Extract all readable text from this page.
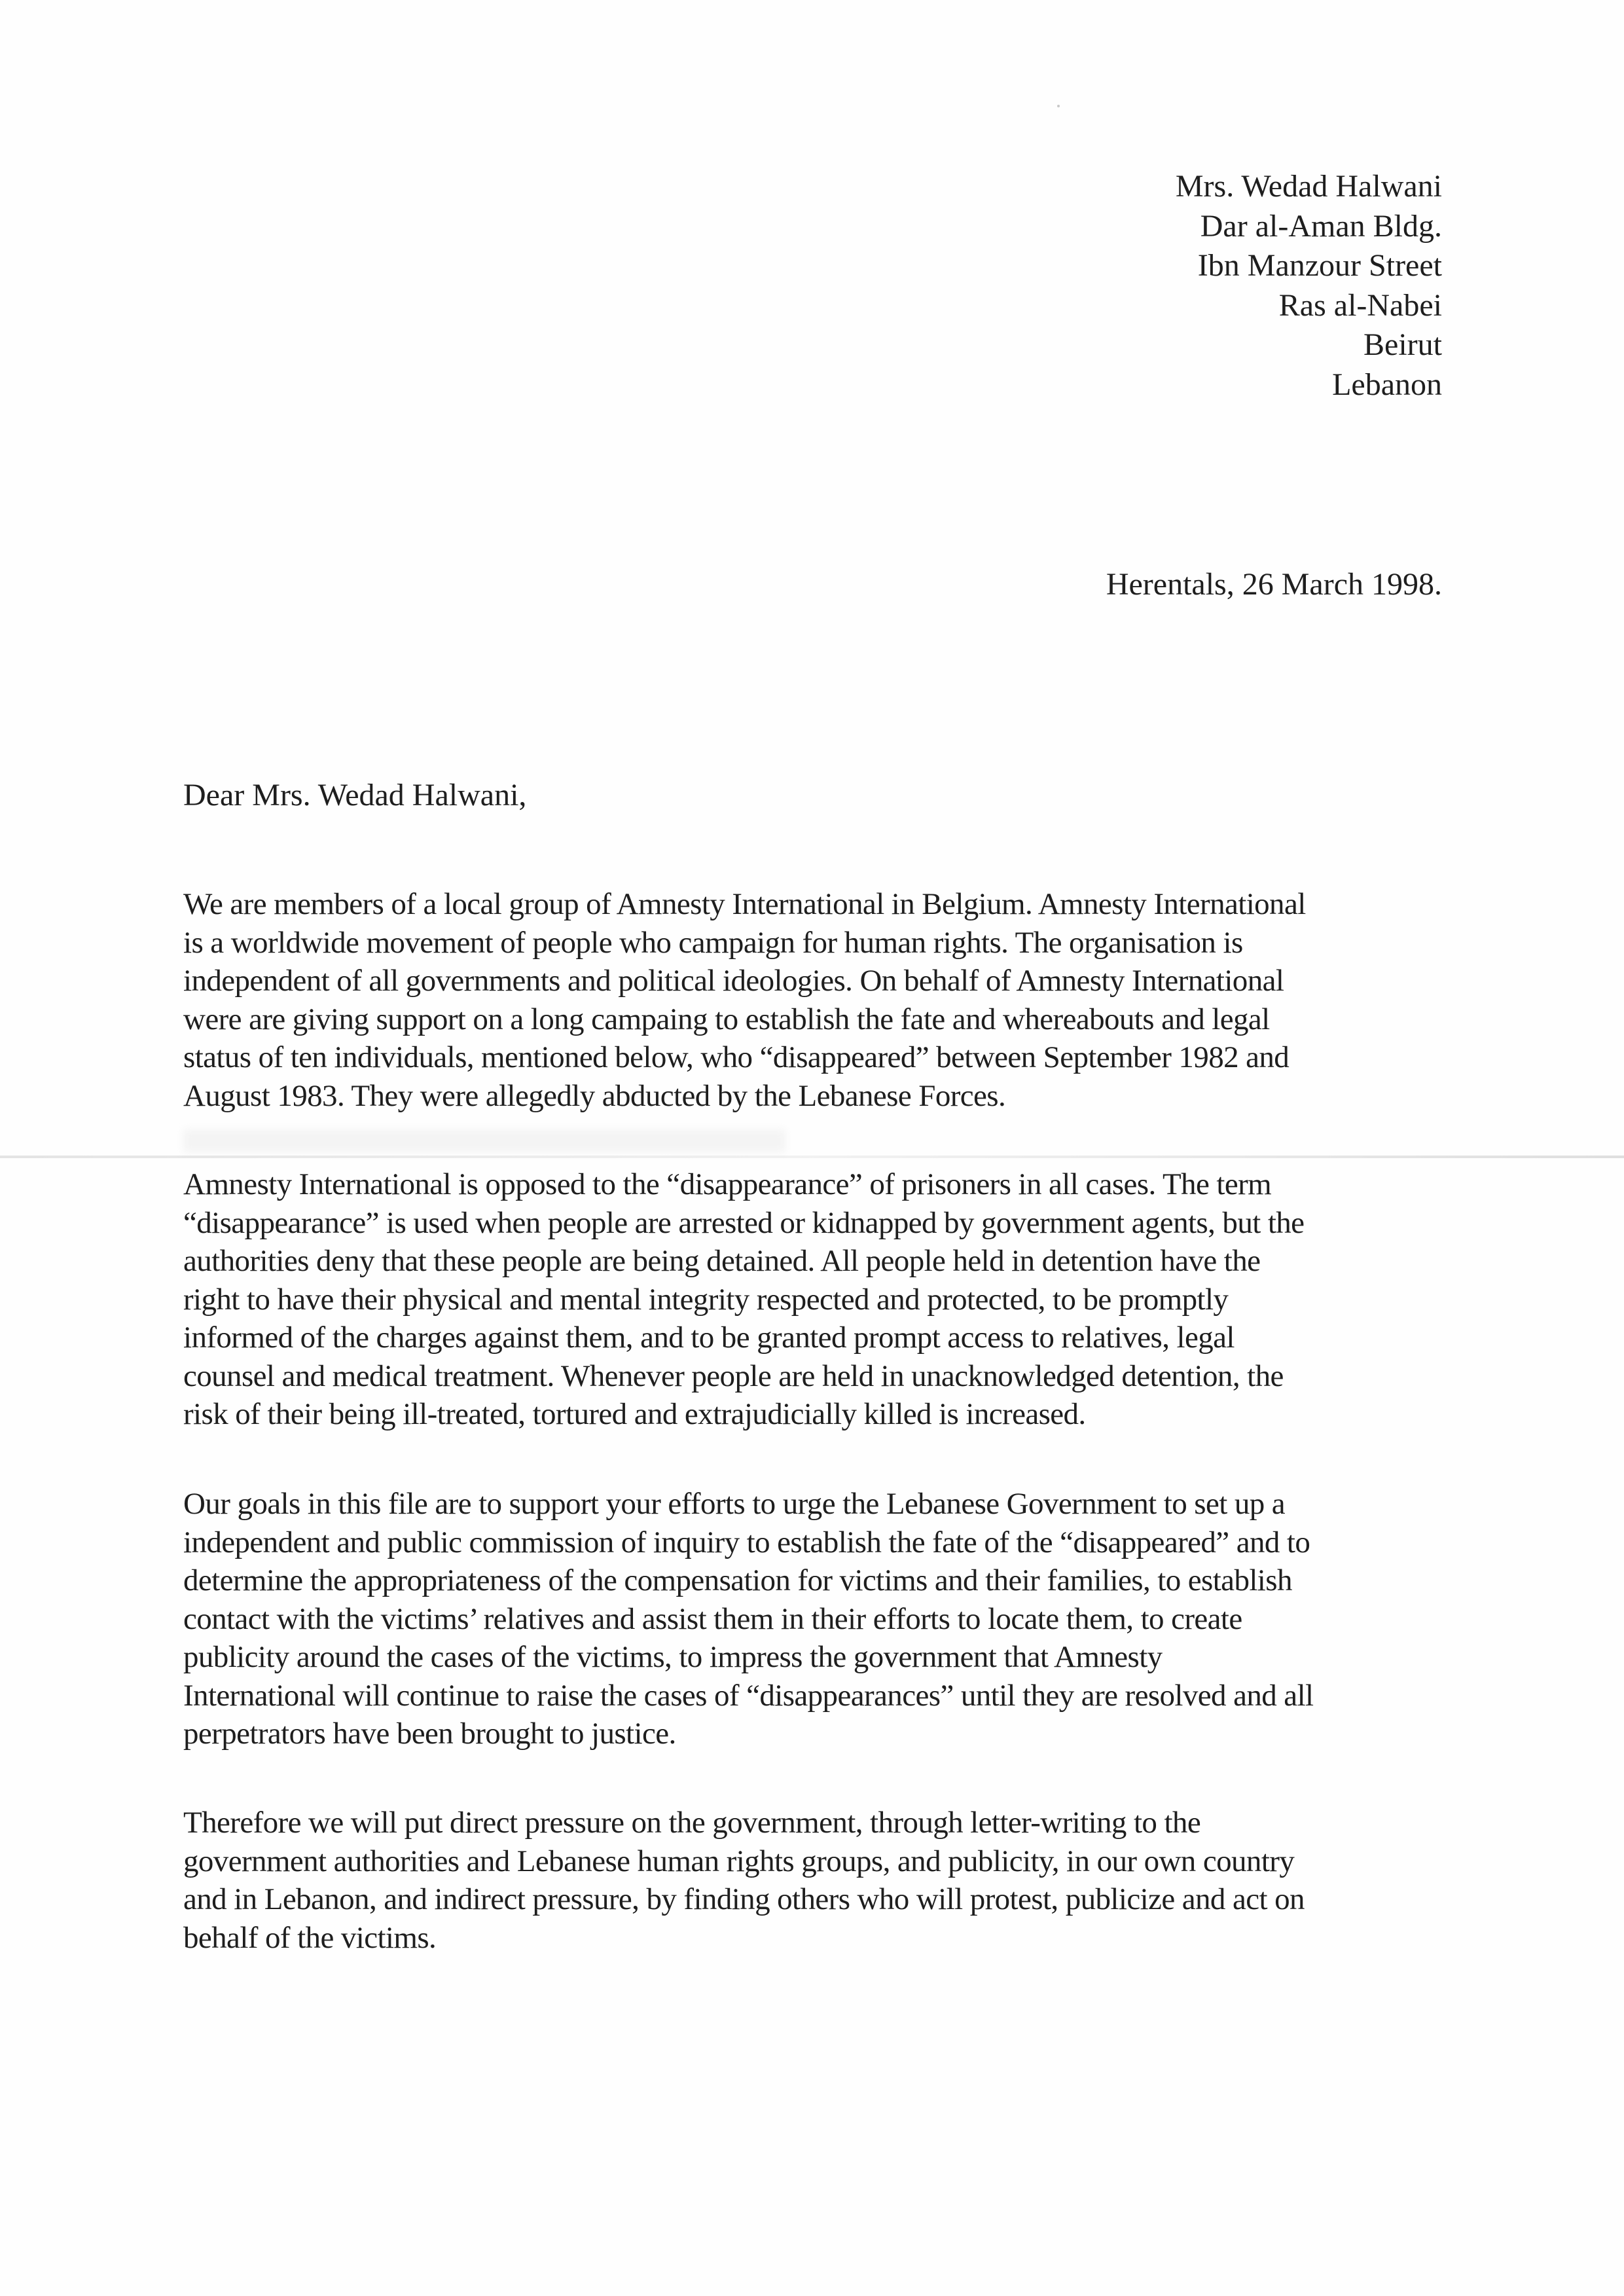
Mrs. Wedad Halwani
Dar al-Aman Bldg.
Ibn Manzour Street
Ras al-Nabei
Beirut
Lebanon
Herentals, 26 March 1998.
Dear Mrs. Wedad Halwani,
We are members of a local group of Amnesty International in Belgium. Amnesty International
is a worldwide movement of people who campaign for human rights. The organisation is
independent of all governments and political ideologies. On behalf of Amnesty International
were are giving support on a long campaing to establish the fate and whereabouts and legal
status of ten individuals, mentioned below, who “disappeared” between September 1982 and
August 1983. They were allegedly abducted by the Lebanese Forces.
Amnesty International is opposed to the “disappearance” of prisoners in all cases. The term
“disappearance” is used when people are arrested or kidnapped by government agents, but the
authorities deny that these people are being detained. All people held in detention have the
right to have their physical and mental integrity respected and protected, to be promptly
informed of the charges against them, and to be granted prompt access to relatives, legal
counsel and medical treatment. Whenever people are held in unacknowledged detention, the
risk of their being ill-treated, tortured and extrajudicially killed is increased.
Our goals in this file are to support your efforts to urge the Lebanese Government to set up a
independent and public commission of inquiry to establish the fate of the “disappeared” and to
determine the appropriateness of the compensation for victims and their families, to establish
contact with the victims’ relatives and assist them in their efforts to locate them, to create
publicity around the cases of the victims, to impress the government that Amnesty
International will continue to raise the cases of “disappearances” until they are resolved and all
perpetrators have been brought to justice.
Therefore we will put direct pressure on the government, through letter-writing to the
government authorities and Lebanese human rights groups, and publicity, in our own country
and in Lebanon, and indirect pressure, by finding others who will protest, publicize and act on
behalf of the victims.
